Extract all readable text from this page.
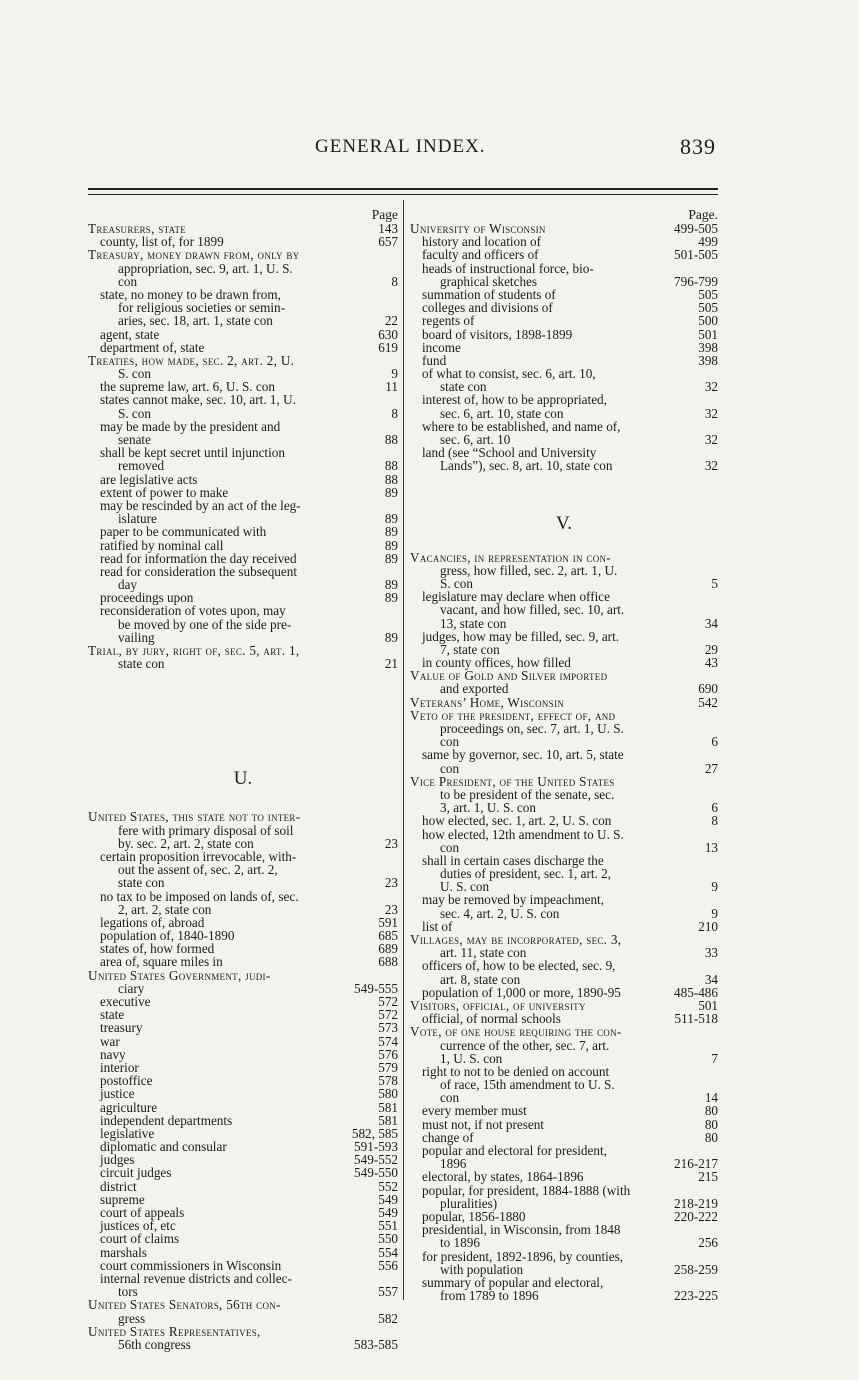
GENERAL INDEX.	839
Page
Treasurers, state	143
county, list of, for 1899	657
Treasury, money drawn from, only by
appropriation, sec. 9, art. 1, U. S.
con	8
state, no money to be drawn from,
for religious societies or semin-
aries, sec. 18, art. 1, state con	22
agent, state	630
department of, state	619
Treaties, how made, sec. 2, art. 2, U.
S. con	9
the supreme law, art. 6, U. S. con	11
states cannot make, sec. 10, art. 1, U.
S. con	8
may be made by the president and
senate	88
shall be kept secret until injunction
removed	88
are legislative acts	88
extent of power to make	89
may be rescinded by an act of the leg-
islature	89
paper to be communicated with	89
ratified by nominal call	89
read for information the day received	89
read for consideration the subsequent
day	89
proceedings upon	89
reconsideration of votes upon, may
be moved by one of the side pre-
vailing	89
Trial, by jury, right of, sec. 5, art. 1,
state con	21
U.
United States, this state not to inter-
fere with primary disposal of soil
by. sec. 2, art. 2, state con	23
certain proposition irrevocable, with-
out the assent of, sec. 2, art. 2,
state con	23
no tax to be imposed on lands of, sec.
2, art. 2, state con	23
legations of, abroad	591
population of, 1840-1890	685
states of, how formed	689
area of, square miles in	688
United States Government, judi-
ciary	549-555
executive	572
state	572
treasury	573
war	574
navy	576
interior	579
postoffice	578
justice	580
agriculture	581
independent departments	581
legislative	582, 585
diplomatic and consular	591-593
judges	549-552
circuit judges	549-550
district	552
supreme	549
court of appeals	549
justices of, etc	551
court of claims	550
marshals	554
court commissioners in Wisconsin	556
internal revenue districts and collec-
tors	557
United States Senators, 56th con-
gress	582
United States Representatives,
56th congress	583-585
Page.
University of Wisconsin	499-505
history and location of	499
faculty and officers of	501-505
heads of instructional force, bio-
graphical sketches	796-799
summation of students of	505
colleges and divisions of	505
regents of	500
board of visitors, 1898-1899	501
income	398
fund	398
of what to consist, sec. 6, art. 10,
state con	32
interest of, how to be appropriated,
sec. 6, art. 10, state con	32
where to be established, and name of,
sec. 6, art. 10	32
land (see “School and University
Lands”), sec. 8, art. 10, state con	32
V.
Vacancies, in representation in con-
gress, how filled, sec. 2, art. 1, U.
S. con	5
legislature may declare when office
vacant, and how filled, sec. 10, art.
13, state con	34
judges, how may be filled, sec. 9, art.
7, state con	29
in county offices, how filled	43
Value of Gold and Silver imported
and exported	690
Veterans’ Home, Wisconsin	542
Veto of the president, effect of, and
proceedings on, sec. 7, art. 1, U. S.
con	6
same by governor, sec. 10, art. 5, state
con	27
Vice President, of the United States
to be president of the senate, sec.
3, art. 1, U. S. con	6
how elected, sec. 1, art. 2, U. S. con	8
how elected, 12th amendment to U. S.
con	13
shall in certain cases discharge the
duties of president, sec. 1, art. 2,
U. S. con	9
may be removed by impeachment,
sec. 4, art. 2, U. S. con	9
list of	210
Villages, may be incorporated, sec. 3,
art. 11, state con	33
officers of, how to be elected, sec. 9,
art. 8, state con	34
population of 1,000 or more, 1890-95	485-486
Visitors, official, of university	501
official, of normal schools	511-518
Vote, of one house requiring the con-
currence of the other, sec. 7, art.
1, U. S. con	7
right to not to be denied on account
of race, 15th amendment to U. S.
con	14
every member must	80
must not, if not present	80
change of	80
popular and electoral for president,
1896	216-217
electoral, by states, 1864-1896	215
popular, for president, 1884-1888 (with
pluralities)	218-219
popular, 1856-1880	220-222
presidential, in Wisconsin, from 1848
to 1896	256
for president, 1892-1896, by counties,
with population	258-259
summary of popular and electoral,
from 1789 to 1896	223-225
